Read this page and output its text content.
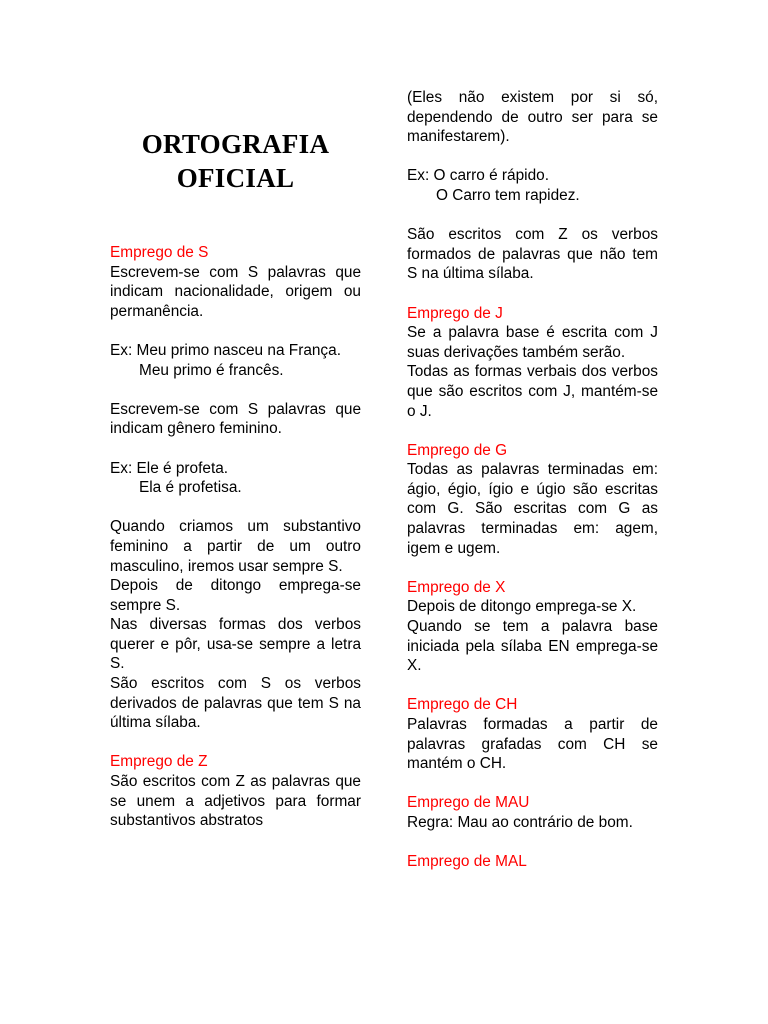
ORTOGRAFIA
OFICIAL
Emprego de S

Escrevem-se com S palavras que indicam nacionalidade, origem ou permanência.

Ex: Meu primo nasceu na França.

Meu primo é francês.

Escrevem-se com S palavras que indicam gênero feminino.

Ex: Ele é profeta.

Ela é profetisa.

Quando criamos um substantivo feminino a partir de um outro masculino, iremos usar sempre S.

Depois de ditongo emprega-se sempre S.

Nas diversas formas dos verbos querer e pôr, usa-se sempre a letra S.

São escritos com S os verbos derivados de palavras que tem S na última sílaba.

Emprego de Z

São escritos com Z as palavras que se unem a adjetivos para formar substantivos abstratos

(Eles não existem por si só, dependendo de outro ser para se manifestarem).

Ex: O carro é rápido.

O Carro tem rapidez.

São escritos com Z os verbos formados de palavras que não tem S na última sílaba.

Emprego de J

Se a palavra base é escrita com J suas derivações também serão.

Todas as formas verbais dos verbos que são escritos com J, mantém-se o J.

Emprego de G

Todas as palavras terminadas em: ágio, égio, ígio e úgio são escritas com G. São escritas com G as palavras terminadas em: agem, igem e ugem.

Emprego de X

Depois de ditongo emprega-se X.

Quando se tem a palavra base iniciada pela sílaba EN emprega-se X.

Emprego de CH

Palavras formadas a partir de palavras grafadas com CH se mantém o CH.

Emprego de MAU

Regra: Mau ao contrário de bom.

Emprego de MAL
